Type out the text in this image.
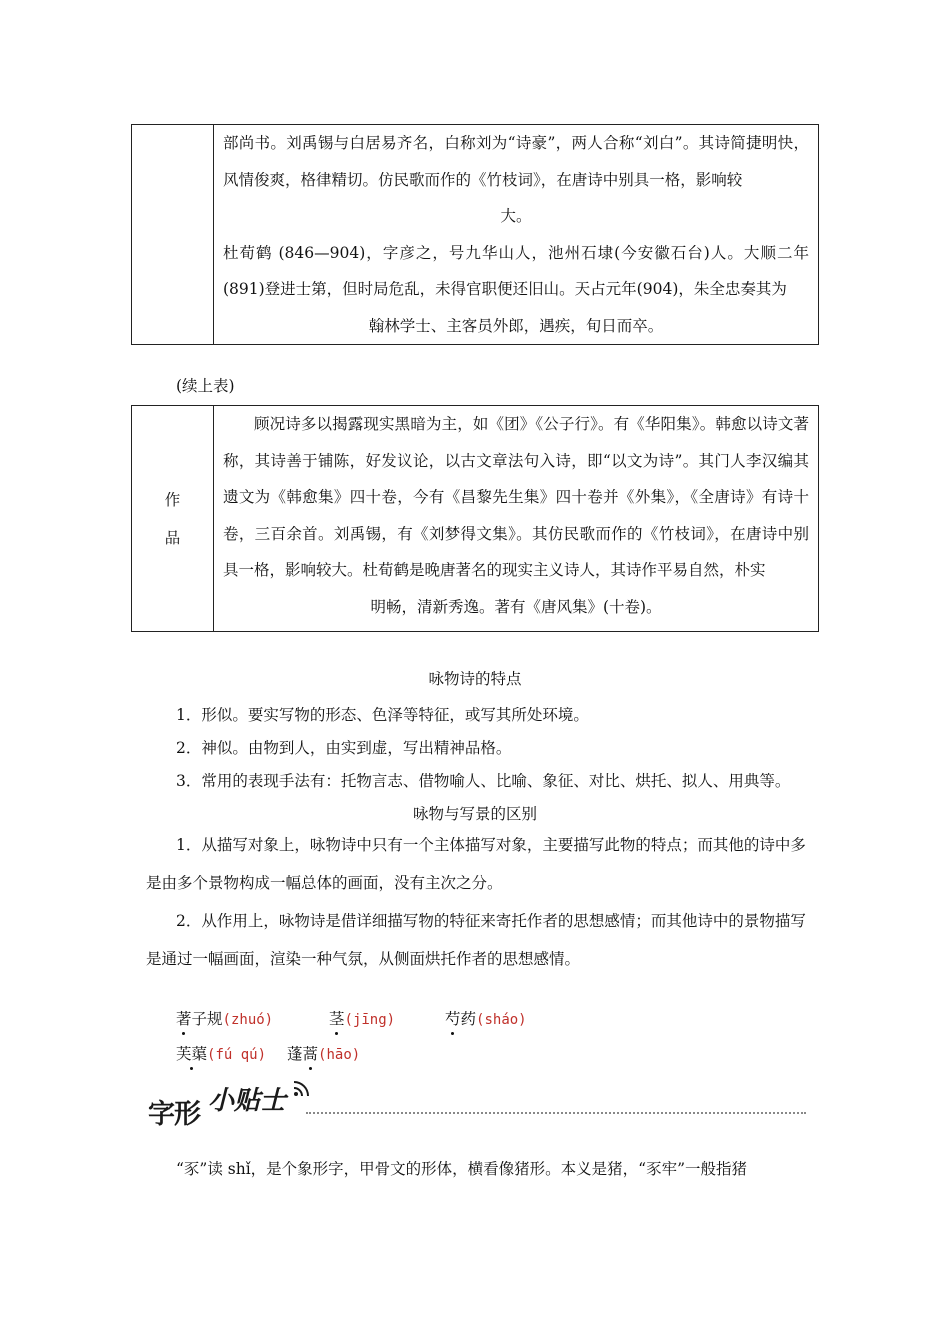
部尚书。刘禹锡与白居易齐名，白称刘为“诗豪”，两人合称“刘白”。其诗简捷明快，风情俊爽，格律精切。仿民歌而作的《竹枝词》，在唐诗中别具一格，影响较

大。

杜荀鹤 (846—904)，字彦之，号九华山人，池州石埭(今安徽石台)人。大顺二年(891)登进士第，但时局危乱，未得官职便还旧山。天占元年(904)，朱全忠奏其为

翰林学士、主客员外郎，遇疾，旬日而卒。

(续上表)
作
品	

顾况诗多以揭露现实黑暗为主，如《团》《公子行》。有《华阳集》。韩愈以诗文著称，其诗善于铺陈，好发议论，以古文章法句入诗，即“以文为诗”。其门人李汉编其遗文为《韩愈集》四十卷，今有《昌黎先生集》四十卷并《外集》，《全唐诗》有诗十卷，三百余首。刘禹锡，有《刘梦得文集》。其仿民歌而作的《竹枝词》，在唐诗中别具一格，影响较大。杜荀鹤是晚唐著名的现实主义诗人，其诗作平易自然，朴实

明畅，清新秀逸。著有《唐风集》(十卷)。

咏物诗的特点
1．形似。要实写物的形态、色泽等特征，或写其所处环境。
2．神似。由物到人，由实到虚，写出精神品格。
3．常用的表现手法有：托物言志、借物喻人、比喻、象征、对比、烘托、拟人、用典等。
咏物与写景的区别

1．从描写对象上，咏物诗中只有一个主体描写对象，主要描写此物的特点；而其他的诗中多是由多个景物构成一幅总体的画面，没有主次之分。

2．从作用上，咏物诗是借详细描写物的特征来寄托作者的思想感情；而其他诗中的景物描写是通过一幅画面，渲染一种气氛，从侧面烘托作者的思想感情。

著子规(zhuó)	茎(jīng)	芍药(sháo)
芙蕖(fú qú) 蓬蒿(hāo)
字形 小贴士
“豕”读 shǐ，是个象形字，甲骨文的形体，横看像猪形。本义是猪，“豕牢”一般指猪
